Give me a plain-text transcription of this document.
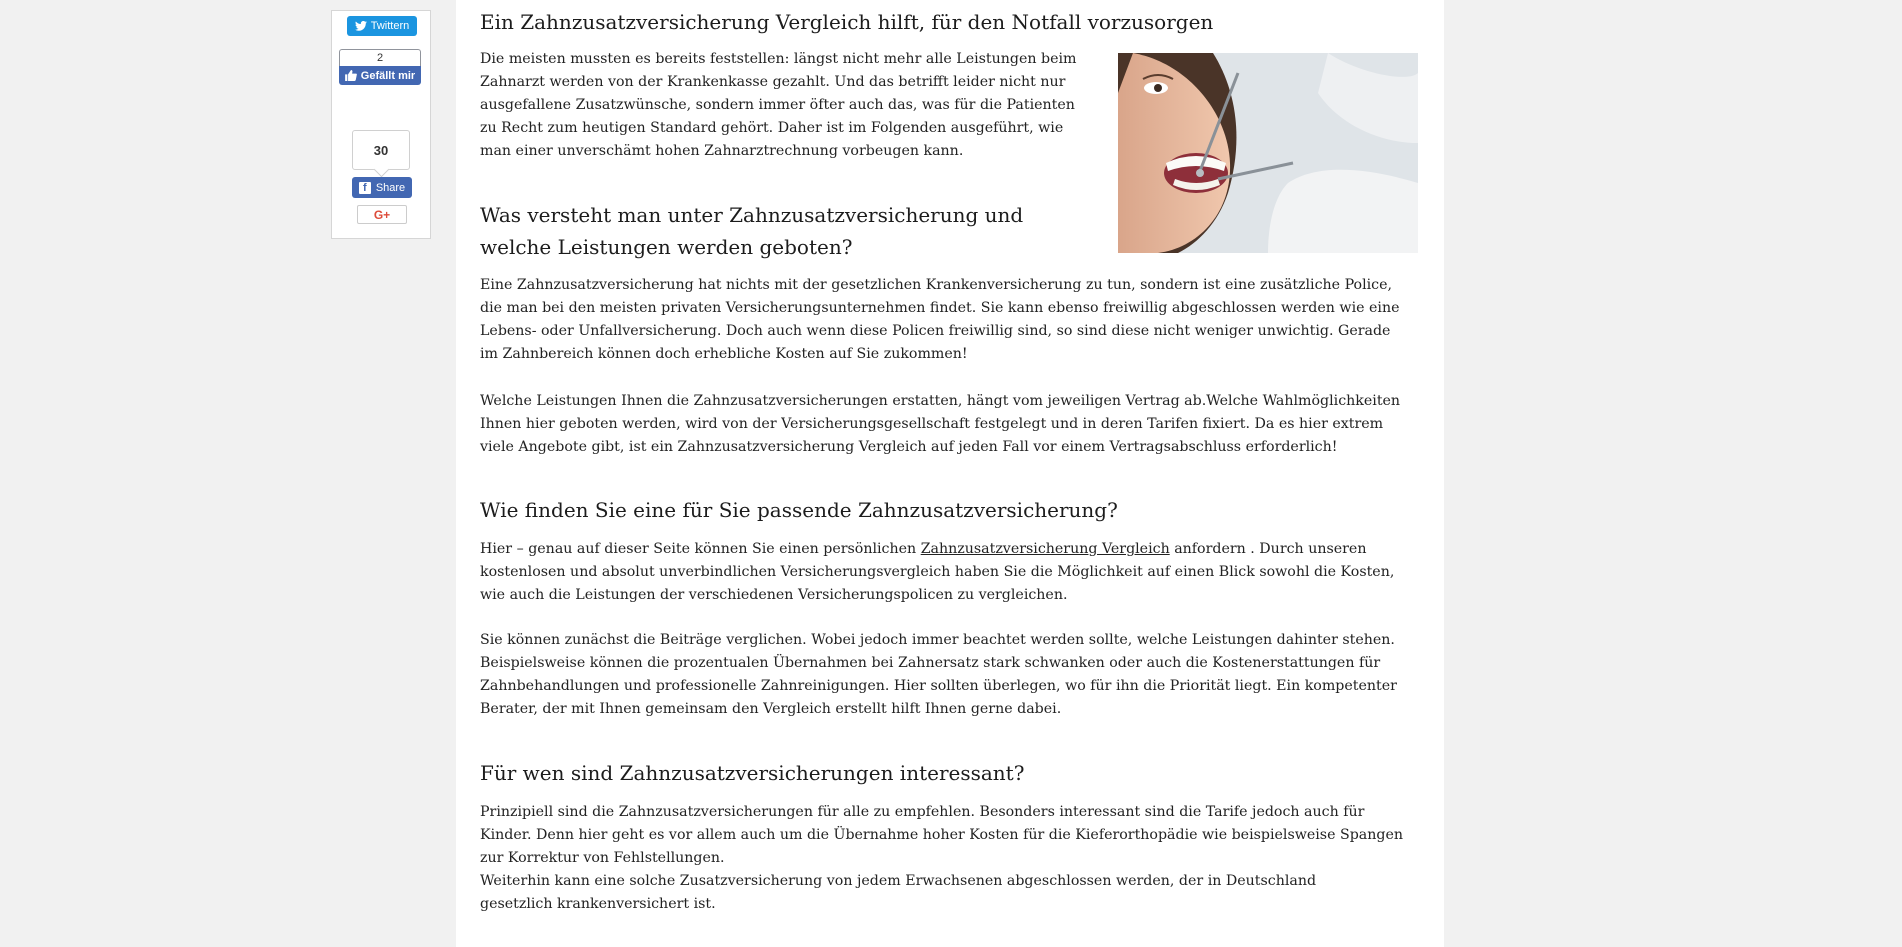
Twittern
2
Gefällt mir
30
f Share
G+
Ein Zahnzusatzversicherung Vergleich hilft, für den Notfall vorzusorgen

Die meisten mussten es bereits feststellen: längst nicht mehr alle Leistungen beim Zahnarzt werden von der Krankenkasse gezahlt. Und das betrifft leider nicht nur ausgefallene Zusatzwünsche, sondern immer öfter auch das, was für die Patienten zu Recht zum heutigen Standard gehört. Daher ist im Folgenden ausgeführt, wie man einer unverschämt hohen Zahnarztrechnung vorbeugen kann.

Was versteht man unter Zahnzusatzversicherung und welche Leistungen werden geboten?

Eine Zahnzusatzversicherung hat nichts mit der gesetzlichen Krankenversicherung zu tun, sondern ist eine zusätzliche Police, die man bei den meisten privaten Versicherungsunternehmen findet. Sie kann ebenso freiwillig abgeschlossen werden wie eine Lebens- oder Unfallversicherung. Doch auch wenn diese Policen freiwillig sind, so sind diese nicht weniger unwichtig. Gerade im Zahnbereich können doch erhebliche Kosten auf Sie zukommen!

Welche Leistungen Ihnen die Zahnzusatzversicherungen erstatten, hängt vom jeweiligen Vertrag ab.Welche Wahlmöglichkeiten Ihnen hier geboten werden, wird von der Versicherungsgesellschaft festgelegt und in deren Tarifen fixiert. Da es hier extrem viele Angebote gibt, ist ein Zahnzusatzversicherung Vergleich auf jeden Fall vor einem Vertragsabschluss erforderlich!

Wie finden Sie eine für Sie passende Zahnzusatzversicherung?

Hier – genau auf dieser Seite können Sie einen persönlichen Zahnzusatzversicherung Vergleich anfordern . Durch unseren kostenlosen und absolut unverbindlichen Versicherungsvergleich haben Sie die Möglichkeit auf einen Blick sowohl die Kosten, wie auch die Leistungen der verschiedenen Versicherungspolicen zu vergleichen.

Sie können zunächst die Beiträge verglichen. Wobei jedoch immer beachtet werden sollte, welche Leistungen dahinter stehen. Beispielsweise können die prozentualen Übernahmen bei Zahnersatz stark schwanken oder auch die Kostenerstattungen für Zahnbehandlungen und professionelle Zahnreinigungen. Hier sollten überlegen, wo für ihn die Priorität liegt. Ein kompetenter Berater, der mit Ihnen gemeinsam den Vergleich erstellt hilft Ihnen gerne dabei.

Für wen sind Zahnzusatzversicherungen interessant?

Prinzipiell sind die Zahnzusatzversicherungen für alle zu empfehlen. Besonders interessant sind die Tarife jedoch auch für Kinder. Denn hier geht es vor allem auch um die Übernahme hoher Kosten für die Kieferorthopädie wie beispielsweise Spangen zur Korrektur von Fehlstellungen.

Weiterhin kann eine solche Zusatzversicherung von jedem Erwachsenen abgeschlossen werden, der in Deutschland gesetzlich krankenversichert ist.
